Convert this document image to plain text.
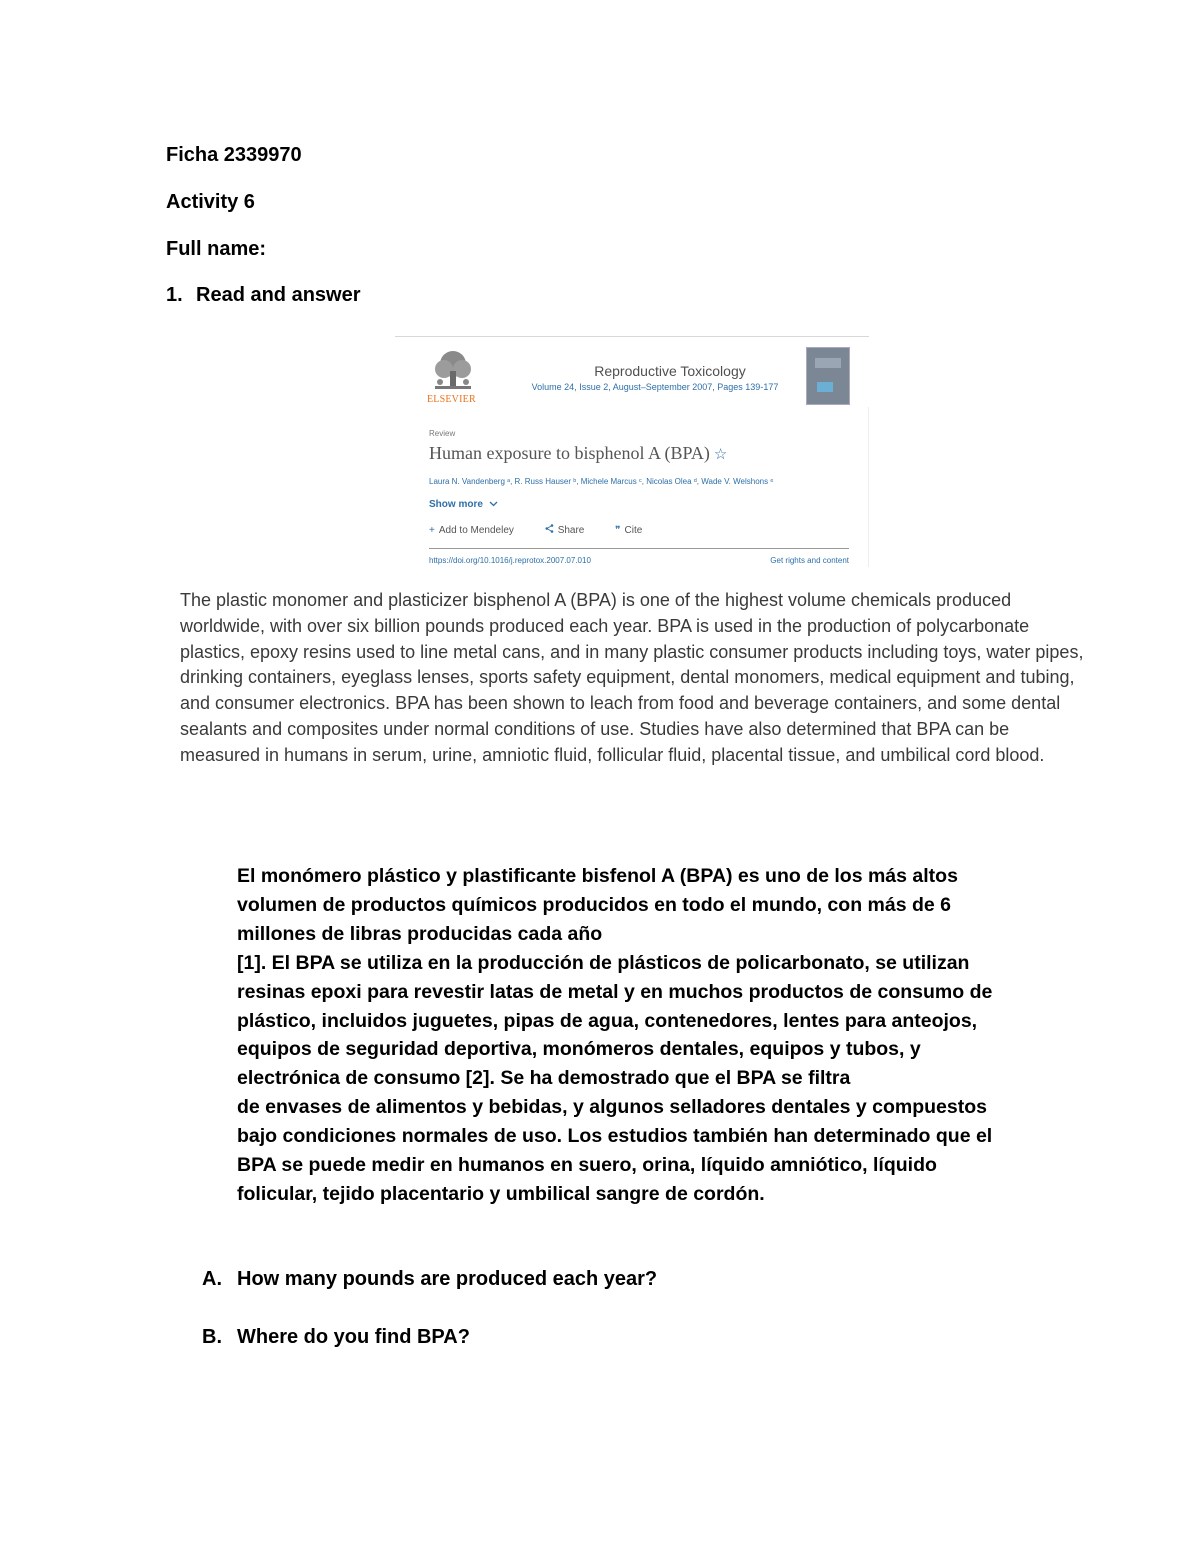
Ficha 2339970
Activity 6
Full name:
1. Read and answer
ELSEVIER
Reproductive Toxicology
Volume 24, Issue 2, August–September 2007, Pages 139-177
Review
Human exposure to bisphenol A (BPA) ☆
Laura N. Vandenberg ᵃ, R. Russ Hauser ᵇ, Michele Marcus ᶜ, Nicolas Olea ᵈ, Wade V. Welshons ᵉ
Show more
+ Add to Mendeley	Share	❞ Cite
https://doi.org/10.1016/j.reprotox.2007.07.010	Get rights and content
The plastic monomer and plasticizer bisphenol A (BPA) is one of the highest volume chemicals produced
worldwide, with over six billion pounds produced each year. BPA is used in the production of polycarbonate
plastics, epoxy resins used to line metal cans, and in many plastic consumer products including toys, water pipes,
drinking containers, eyeglass lenses, sports safety equipment, dental monomers, medical equipment and tubing,
and consumer electronics. BPA has been shown to leach from food and beverage containers, and some dental
sealants and composites under normal conditions of use. Studies have also determined that BPA can be
measured in humans in serum, urine, amniotic fluid, follicular fluid, placental tissue, and umbilical cord blood.
El monómero plástico y plastificante bisfenol A (BPA) es uno de los más altos
volumen de productos químicos producidos en todo el mundo, con más de 6
millones de libras producidas cada año
[1]. El BPA se utiliza en la producción de plásticos de policarbonato, se utilizan
resinas epoxi para revestir latas de metal y en muchos productos de consumo de
plástico, incluidos juguetes, pipas de agua, contenedores, lentes para anteojos,
equipos de seguridad deportiva, monómeros dentales, equipos y tubos, y
electrónica de consumo [2]. Se ha demostrado que el BPA se filtra
de envases de alimentos y bebidas, y algunos selladores dentales y compuestos
bajo condiciones normales de uso. Los estudios también han determinado que el
BPA se puede medir en humanos en suero, orina, líquido amniótico, líquido
folicular, tejido placentario y umbilical sangre de cordón.
A. How many pounds are produced each year?
B. Where do you find BPA?
